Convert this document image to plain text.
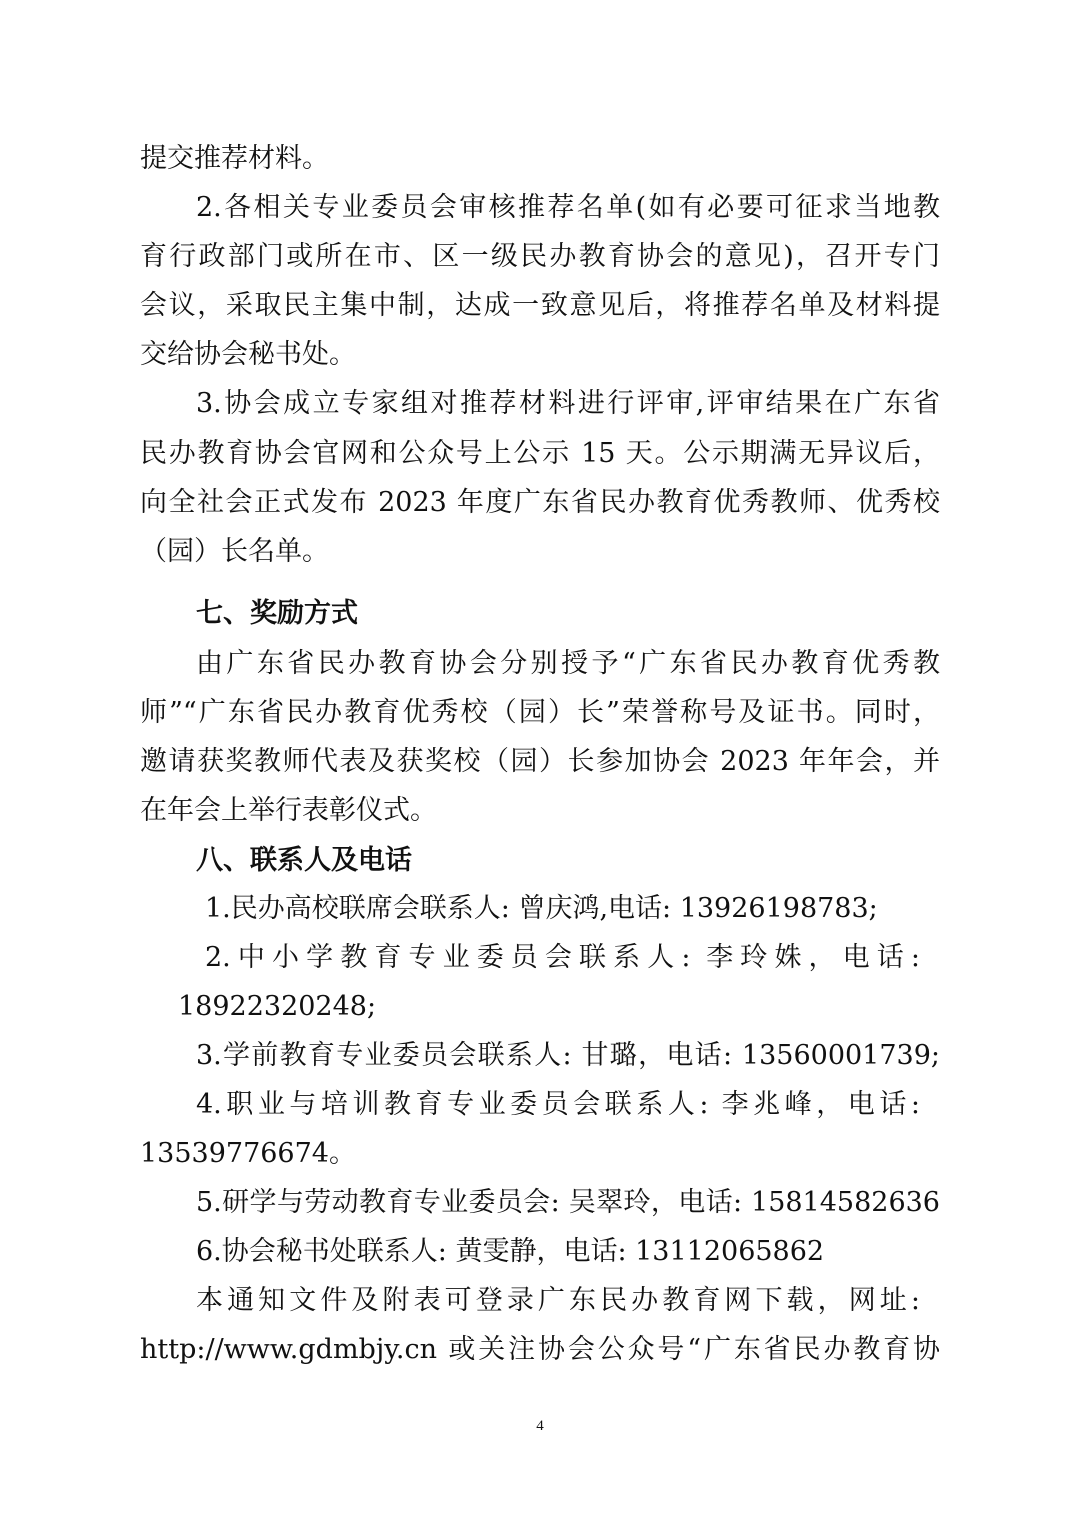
提交推荐材料。
2.各相关专业委员会审核推荐名单(如有必要可征求当地教
育行政部门或所在市、区一级民办教育协会的意见)，召开专门
会议，采取民主集中制，达成一致意见后，将推荐名单及材料提
交给协会秘书处。
3.协会成立专家组对推荐材料进行评审,评审结果在广东省
民办教育协会官网和公众号上公示 15 天。公示期满无异议后，
向全社会正式发布 2023 年度广东省民办教育优秀教师、优秀校
（园）长名单。
七、奖励方式
由广东省民办教育协会分别授予“广东省民办教育优秀教
师”“广东省民办教育优秀校（园）长”荣誉称号及证书。同时，
邀请获奖教师代表及获奖校（园）长参加协会 2023 年年会，并
在年会上举行表彰仪式。
八、联系人及电话
1.民办高校联席会联系人: 曾庆鸿,电话: 13926198783;
2.中小学教育专业委员会联系人: 李玲姝，电话:
18922320248;
3.学前教育专业委员会联系人: 甘璐，电话: 13560001739;
4.职业与培训教育专业委员会联系人: 李兆峰，电话:
13539776674。
5.研学与劳动教育专业委员会: 吴翠玲，电话: 15814582636
6.协会秘书处联系人: 黄雯静，电话: 13112065862
本通知文件及附表可登录广东民办教育网下载，网址:
http://www.gdmbjy.cn 或关注协会公众号“广东省民办教育协
4
